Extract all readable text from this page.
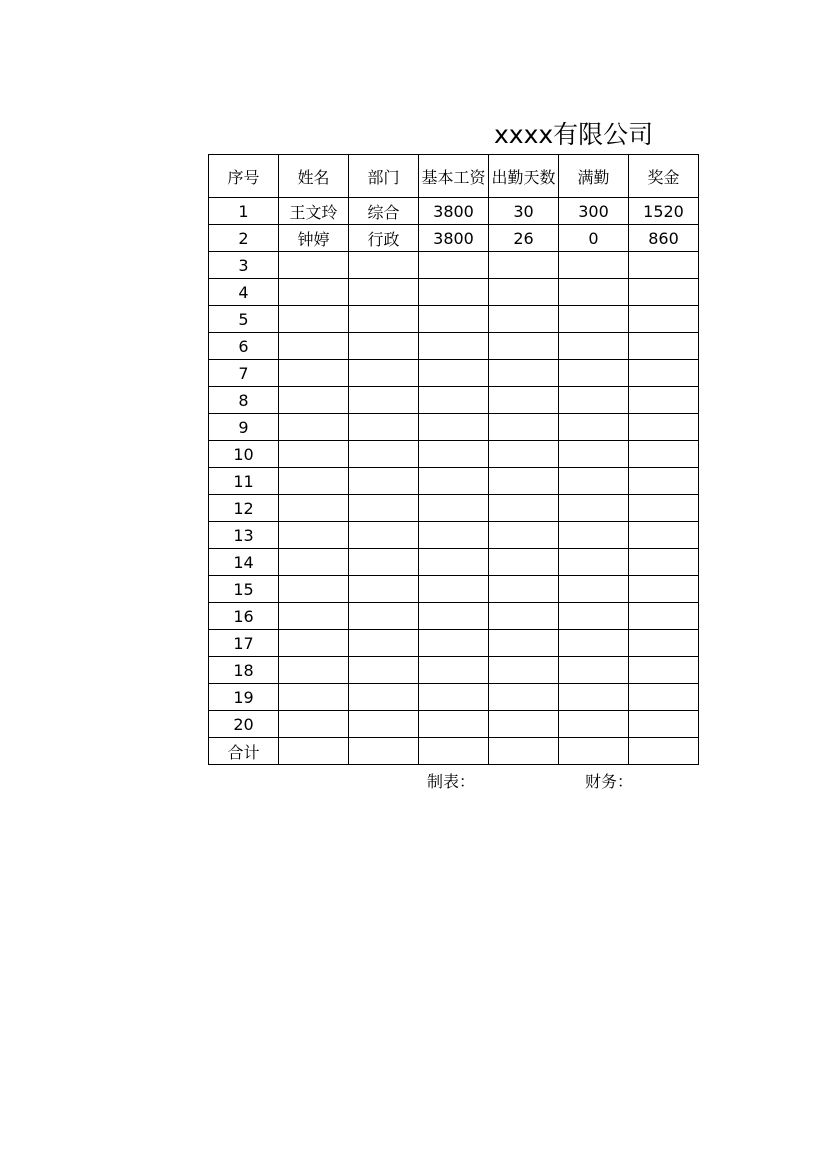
xxxx有限公司
序号	姓名	部门	基本工资	出勤天数	满勤	奖金
1	王文玲	综合	3800	30	300	1520
2	钟婷	行政	3800	26	0	860
3						
4						
5						
6						
7						
8						
9						
10						
11						
12						
13						
14						
15						
16						
17						
18						
19						
20						
合计						
制表：	财务：
